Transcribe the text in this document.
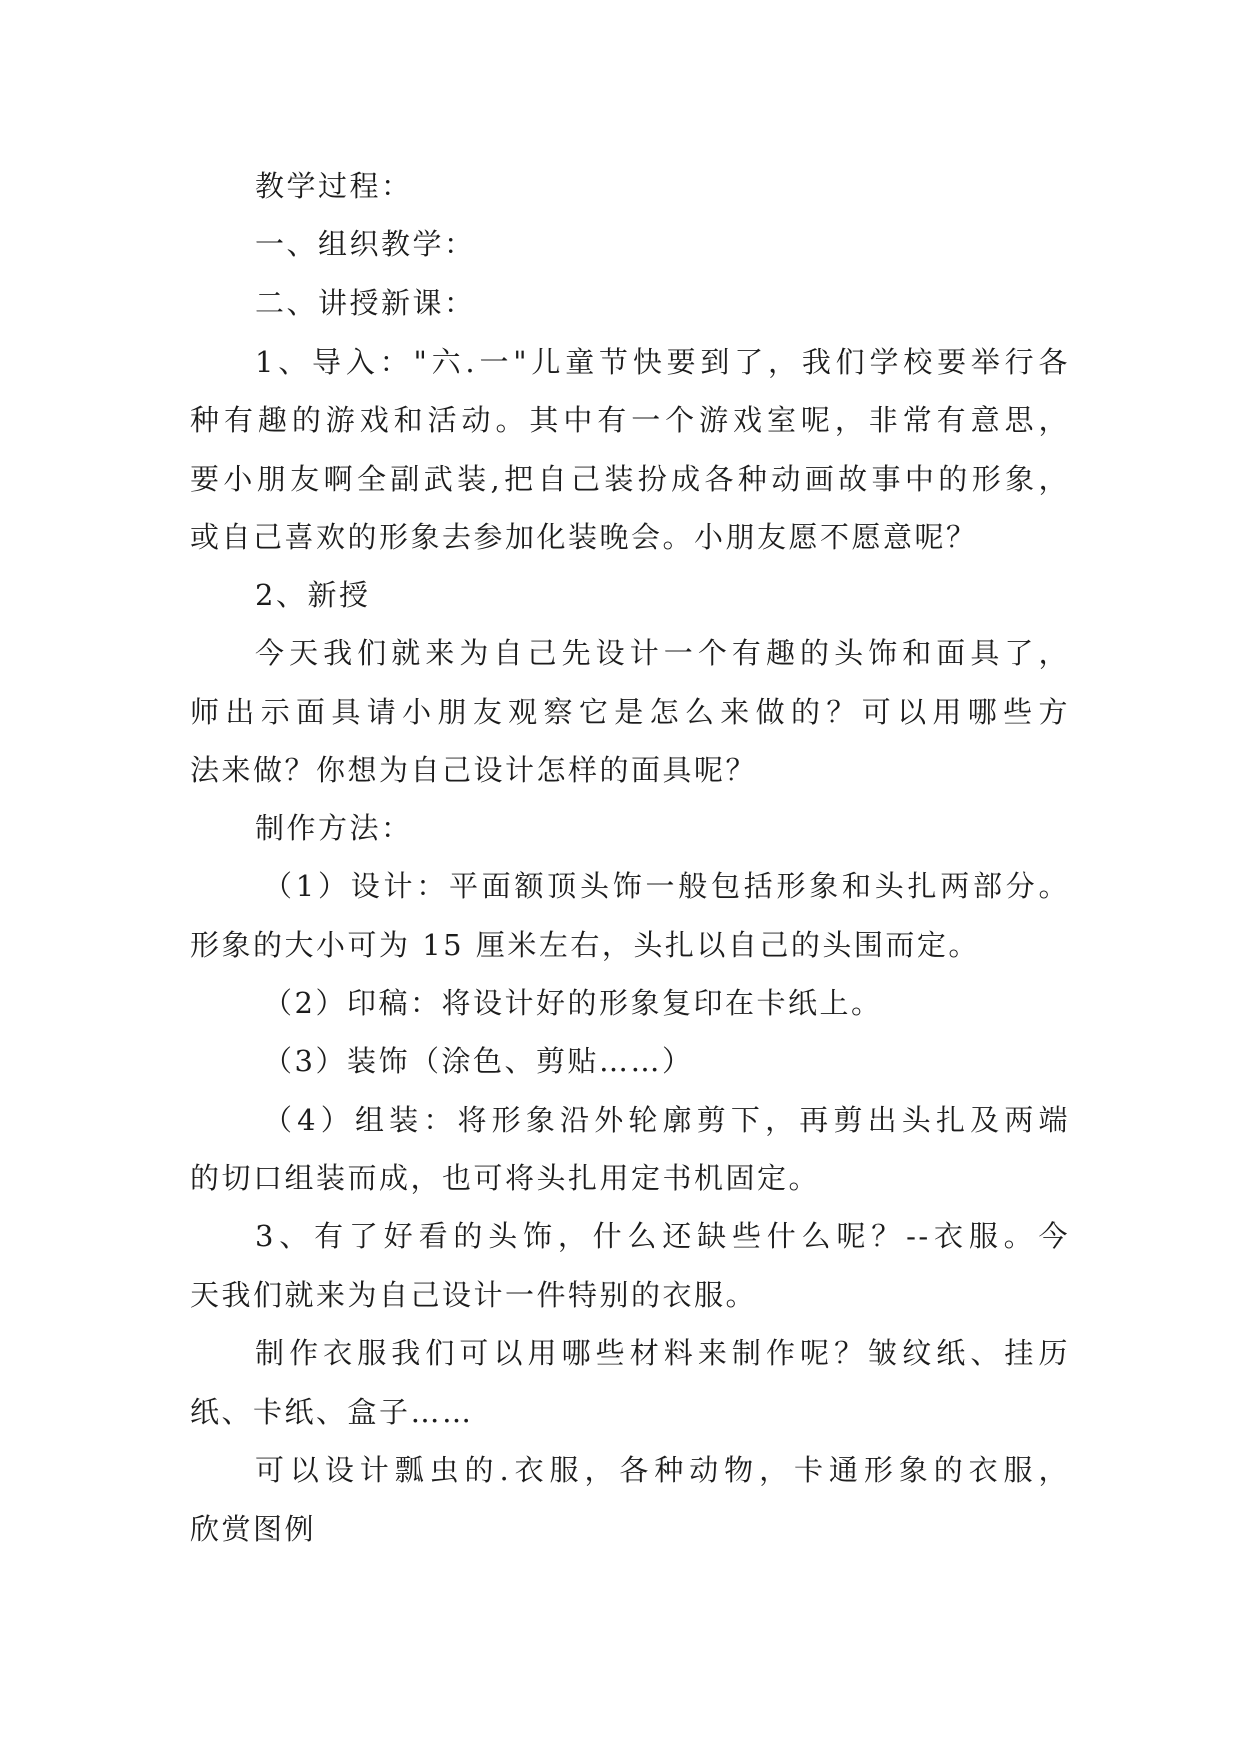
教学过程：
一、组织教学：
二、讲授新课：
1、导入："六.一"儿童节快要到了，我们学校要举行各
种有趣的游戏和活动。其中有一个游戏室呢，非常有意思，
要小朋友啊全副武装,把自己装扮成各种动画故事中的形象，
或自己喜欢的形象去参加化装晚会。小朋友愿不愿意呢？
2、新授
今天我们就来为自己先设计一个有趣的头饰和面具了，
师出示面具请小朋友观察它是怎么来做的？可以用哪些方
法来做？你想为自己设计怎样的面具呢？
制作方法：
（1）设计：平面额顶头饰一般包括形象和头扎两部分。
形象的大小可为 15 厘米左右，头扎以自己的头围而定。
（2）印稿：将设计好的形象复印在卡纸上。
（3）装饰（涂色、剪贴……）
（4）组装：将形象沿外轮廓剪下，再剪出头扎及两端
的切口组装而成，也可将头扎用定书机固定。
3、有了好看的头饰，什么还缺些什么呢？--衣服。今
天我们就来为自己设计一件特别的衣服。
制作衣服我们可以用哪些材料来制作呢？皱纹纸、挂历
纸、卡纸、盒子……
可以设计瓢虫的.衣服，各种动物，卡通形象的衣服，
欣赏图例
